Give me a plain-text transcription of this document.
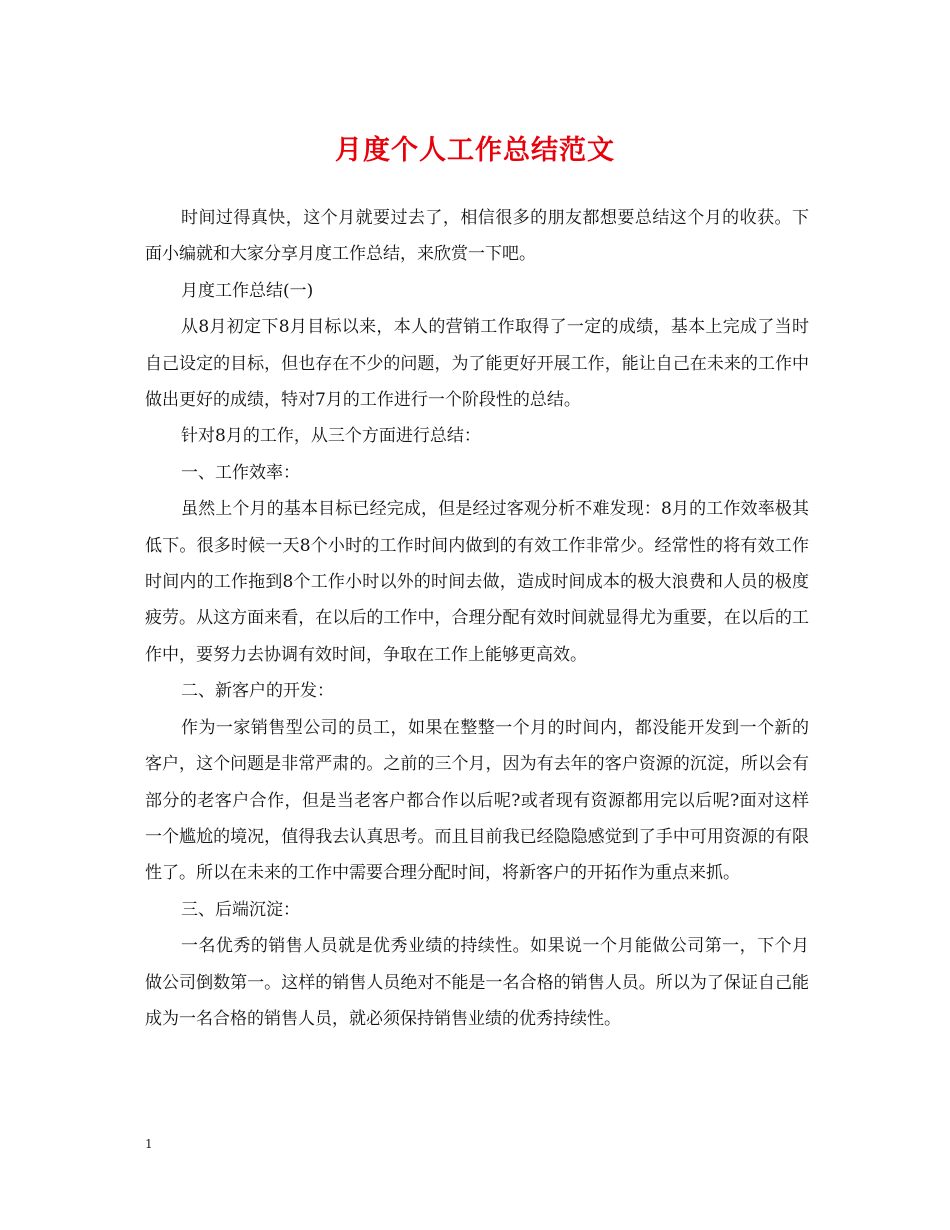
月度个人工作总结范文

时间过得真快，这个月就要过去了，相信很多的朋友都想要总结这个月的收获。下面小编就和大家分享月度工作总结，来欣赏一下吧。

月度工作总结(一)

从8月初定下8月目标以来，本人的营销工作取得了一定的成绩，基本上完成了当时自己设定的目标，但也存在不少的问题，为了能更好开展工作，能让自己在未来的工作中做出更好的成绩，特对7月的工作进行一个阶段性的总结。

针对8月的工作，从三个方面进行总结：

一、工作效率：

虽然上个月的基本目标已经完成，但是经过客观分析不难发现：8月的工作效率极其低下。很多时候一天8个小时的工作时间内做到的有效工作非常少。经常性的将有效工作时间内的工作拖到8个工作小时以外的时间去做，造成时间成本的极大浪费和人员的极度疲劳。从这方面来看，在以后的工作中，合理分配有效时间就显得尤为重要，在以后的工作中，要努力去协调有效时间，争取在工作上能够更高效。

二、新客户的开发：

作为一家销售型公司的员工，如果在整整一个月的时间内，都没能开发到一个新的客户，这个问题是非常严肃的。之前的三个月，因为有去年的客户资源的沉淀，所以会有部分的老客户合作，但是当老客户都合作以后呢?或者现有资源都用完以后呢?面对这样一个尴尬的境况，值得我去认真思考。而且目前我已经隐隐感觉到了手中可用资源的有限性了。所以在未来的工作中需要合理分配时间，将新客户的开拓作为重点来抓。

三、后端沉淀：

一名优秀的销售人员就是优秀业绩的持续性。如果说一个月能做公司第一，下个月做公司倒数第一。这样的销售人员绝对不能是一名合格的销售人员。所以为了保证自己能成为一名合格的销售人员，就必须保持销售业绩的优秀持续性。

1
